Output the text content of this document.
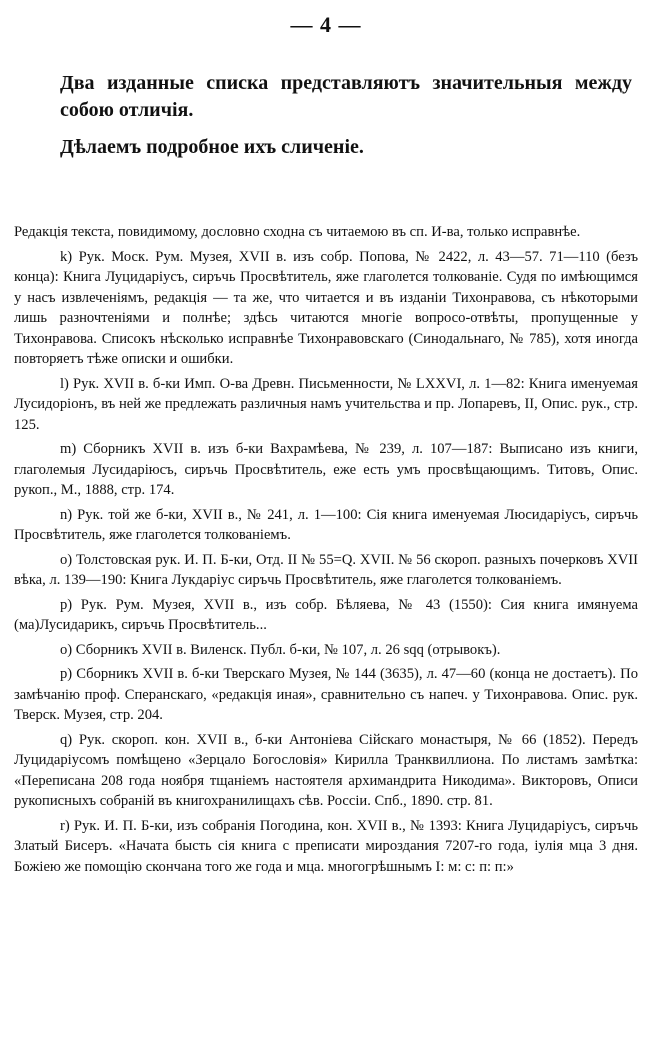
— 4 —

Два изданные списка представляютъ значительныя между собою отличія.

Дѣлаемъ подробное ихъ сличеніе.

Редакція текста, повидимому, дословно сходна съ читаемою въ сп. И-ва, только исправнѣе.

k) Рук. Моск. Рум. Музея, XVII в. изъ собр. Попова, № 2422, л. 43—57. 71—110 (безъ конца): Книга Луцидаріусъ, сиръчь Просвѣтитель, яже глаголется толкованіе. Судя по имѣющимся у насъ извлеченіямъ, редакція — та же, что читается и въ изданіи Тихонравова, съ нѣкоторыми лишь разночтеніями и полнѣе; здѣсь читаются многіе вопросо-отвѣты, пропущенные у Тихонравова. Списокъ нѣсколько исправнѣе Тихонравовскаго (Синодальнаго, № 785), хотя иногда повторяетъ тѣже описки и ошибки.

l) Рук. XVII в. б-ки Имп. О-ва Древн. Письменности, № LXXVI, л. 1—82: Книга именуемая Лусидоріонъ, въ ней же предлежать различныя намъ учительства и пр. Лопаревъ, II, Опис. рук., стр. 125.

m) Сборникъ XVII в. изъ б-ки Вахрамѣева, № 239, л. 107—187: Выписано изъ книги, глаголемыя Лусидаріюсъ, сиръчь Просвѣтитель, еже есть умъ просвѣщающимъ. Титовъ, Опис. рукоп., М., 1888, стр. 174.

n) Рук. той же б-ки, XVII в., № 241, л. 1—100: Сія книга именуемая Люсидаріусъ, сиръчь Просвѣтитель, яже глаголется толкованіемъ.

о) Толстовская рук. И. П. Б-ки, Отд. II № 55=Q. XVII. № 56 скороп. разныхъ почерковъ XVII вѣка, л. 139—190: Книга Лукдаріус сиръчь Просвѣтитель, яже глаголется толкованіемъ.

р) Рук. Рум. Музея, XVII в., изъ собр. Бѣляева, № 43 (1550): Сия книга имянуема (ма)Лусидарикъ, сиръчь Просвѣтитель...

о) Сборникъ XVII в. Виленск. Публ. б-ки, № 107, л. 26 sqq (отрывокъ).

р) Сборникъ XVII в. б-ки Тверскаго Музея, № 144 (3635), л. 47—60 (конца не достаетъ). По замѣчанію проф. Сперанскаго, «редакція иная», сравнительно съ напеч. у Тихонравова. Опис. рук. Тверск. Музея, стр. 204.

q) Рук. скороп. кон. XVII в., б-ки Антоніева Сійскаго монастыря, № 66 (1852). Передъ Луцидаріусомъ помѣщено «Зерцало Богословія» Кирилла Транквиллиона. По листамъ замѣтка: «Переписана 208 года ноября тщаніемъ настоятеля архимандрита Никодима». Викторовъ, Описи рукописныхъ собраній въ книгохранилищахъ сѣв. Россіи. Спб., 1890. стр. 81.

r) Рук. И. П. Б-ки, изъ собранія Погодина, кон. XVII в., № 1393: Книга Луцидаріусъ, сиръчь Златый Бисеръ. «Начата бысть сія книга с преписати мироздания 7207-го года, іулія мца 3 дня. Божіею же помощію скончана того же года и мца. многогрѣшнымъ І: м: с: п: п:»
